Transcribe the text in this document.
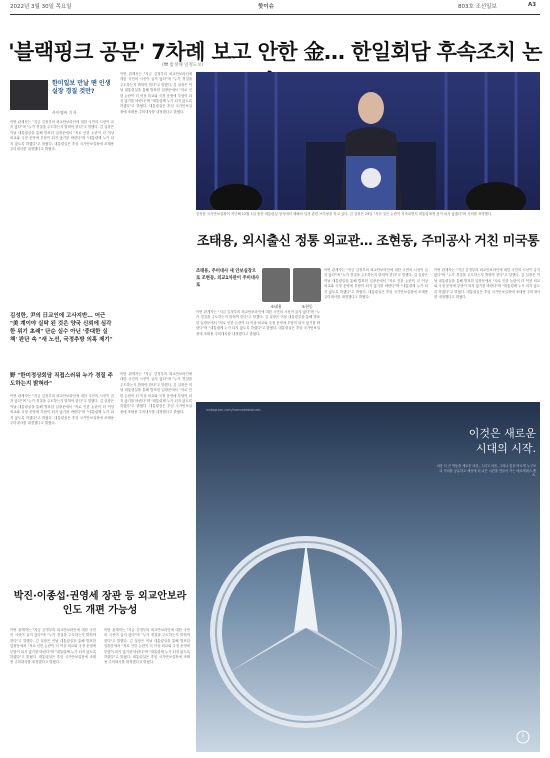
2022년 3월 30일 목요일	핫이슈	803호 조선일보	A3
'블랙핑크 공문' 7차례 보고 안한 金… 한일회담 후속조치 논
(₩ 밖정해 일정도보)
한미일보 만날 땐 인생실장 경질 것만?
사이엠씨 기자
이번 관계자는 "지금 김정부의 외교안보라인에 대한 국민의 시선이 곱지 않다"며 "누가 경질을 주도하는지 밝혀야 한다"고 말했다. 김 실장은 이날 대통령실을 통해 발표한 입장문에서 "저로 인한 논란이 더 이상 외교와 국정 운영에 부담이 되지 않기를 바란다"며 "대통령께 누가 되지 않도록 하겠다"고 밝혔다. 대통령실은 후임 국가안보실장에 조태용 주미대사를 내정했다고 밝혔다.
김성한, 尹의 日교인에 고사지반… 어근 "美 계이야 실탁 된 것은 양국 신뢰에 심각한 위기 초래" 단순 실수 아닌 '중대한 실책' 판단 속 "새 노선, 국정추방 의혹 제기"
野 "한미정상회담 직접스러워 누가 경질 주도하는지 밝혀라"
이번 관계자는 "지금 김정부의 외교안보라인에 대한 국민의 시선이 곱지 않다"며 "누가 경질을 주도하는지 밝혀야 한다"고 말했다. 김 실장은 이날 대통령실을 통해 발표한 입장문에서 "저로 인한 논란이 더 이상 외교와 국정 운영에 부담이 되지 않기를 바란다"며 "대통령께 누가 되지 않도록 하겠다"고 밝혔다. 대통령실은 후임 국가안보실장에 조태용 주미대사를 내정했다고 밝혔다.
이번 관계자는 "지금 김정부의 외교안보라인에 대한 국민의 시선이 곱지 않다"며 "누가 경질을 주도하는지 밝혀야 한다"고 말했다. 김 실장은 이날 대통령실을 통해 발표한 입장문에서 "저로 인한 논란이 더 이상 외교와 국정 운영에 부담이 되지 않기를 바란다"며 "대통령께 누가 되지 않도록 하겠다"고 밝혔다. 대통령실은 후임 국가안보실장에 조태용 주미대사를 내정했다고 밝혔다.
이번 관계자는 "지금 김정부의 외교안보라인에 대한 국민의 시선이 곱지 않다"며 "누가 경질을 주도하는지 밝혀야 한다"고 말했다. 김 실장은 이날 대통령실을 통해 발표한 입장문에서 "저로 인한 논란이 더 이상 외교와 국정 운영에 부담이 되지 않기를 바란다"며 "대통령께 누가 되지 않도록 하겠다"고 밝혔다. 대통령실은 후임 국가안보실장에 조태용 주미대사를 내정했다고 밝혔다.
박진·이종섭·권영세 장관 등 외교안보라인도 개편 가능성
이번 관계자는 "지금 김정부의 외교안보라인에 대한 국민의 시선이 곱지 않다"며 "누가 경질을 주도하는지 밝혀야 한다"고 말했다. 김 실장은 이날 대통령실을 통해 발표한 입장문에서 "저로 인한 논란이 더 이상 외교와 국정 운영에 부담이 되지 않기를 바란다"며 "대통령께 누가 되지 않도록 하겠다"고 밝혔다. 대통령실은 후임 국가안보실장에 조태용 주미대사를 내정했다고 밝혔다.
이번 관계자는 "지금 김정부의 외교안보라인에 대한 국민의 시선이 곱지 않다"며 "누가 경질을 주도하는지 밝혀야 한다"고 말했다. 김 실장은 이날 대통령실을 통해 발표한 입장문에서 "저로 인한 논란이 더 이상 외교와 국정 운영에 부담이 되지 않기를 바란다"며 "대통령께 누가 되지 않도록 하겠다"고 밝혔다. 대통령실은 후임 국가안보실장에 조태용 주미대사를 내정했다고 밝혔다.
김성한 국가안보실장이 지난해 12월 1일 용산 대통령실 청사에서 새해의 일정 관련 브리핑을 하고 있다. 김 실장은 29일 "저의 것은 논란이 지속되면서 대통령에게 짐이 되지 않겠다"며 사의를 표명했다.
조태용, 외시출신 정통 외교관… 조현동, 주미공사 거친 미국통
조태용, 주미대사 새 안보실장으로 조현동, 외교1차관이 주미대사로
조태용	조현동
이번 관계자는 "지금 김정부의 외교안보라인에 대한 국민의 시선이 곱지 않다"며 "누가 경질을 주도하는지 밝혀야 한다"고 말했다. 김 실장은 이날 대통령실을 통해 발표한 입장문에서 "저로 인한 논란이 더 이상 외교와 국정 운영에 부담이 되지 않기를 바란다"며 "대통령께 누가 되지 않도록 하겠다"고 밝혔다. 대통령실은 후임 국가안보실장에 조태용 주미대사를 내정했다고 밝혔다.
이번 관계자는 "지금 김정부의 외교안보라인에 대한 국민의 시선이 곱지 않다"며 "누가 경질을 주도하는지 밝혀야 한다"고 말했다. 김 실장은 이날 대통령실을 통해 발표한 입장문에서 "저로 인한 논란이 더 이상 외교와 국정 운영에 부담이 되지 않기를 바란다"며 "대통령께 누가 되지 않도록 하겠다"고 밝혔다. 대통령실은 후임 국가안보실장에 조태용 주미대사를 내정했다고 밝혔다.
이번 관계자는 "지금 김정부의 외교안보라인에 대한 국민의 시선이 곱지 않다"며 "누가 경질을 주도하는지 밝혀야 한다"고 말했다. 김 실장은 이날 대통령실을 통해 발표한 입장문에서 "저로 인한 논란이 더 이상 외교와 국정 운영에 부담이 되지 않기를 바란다"며 "대통령께 누가 되지 않도록 하겠다"고 밝혔다. 대통령실은 후임 국가안보실장에 조태용 주미대사를 내정했다고 밝혔다.
instagram.com/mercedesbenzkr
이것은 새로운
시대의 시작.
처음 더 큰 박동을 새로운 마음, 그리고 처음. 그러나 항상 바르게 누구보다 가치를 공유하고 세상에 더 나은 시간을 만들어 가는 메르세데스-벤츠.
